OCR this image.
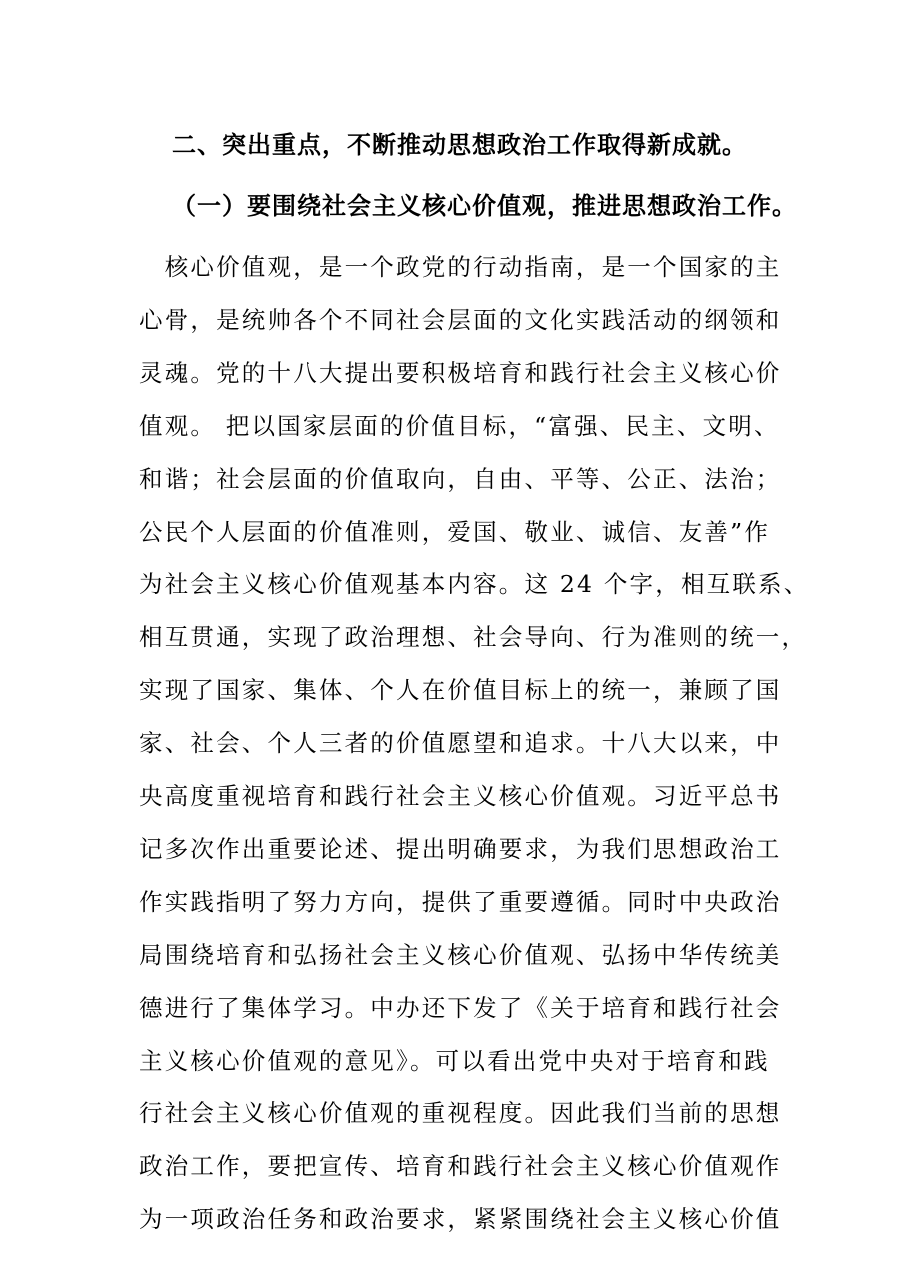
二、突出重点，不断推动思想政治工作取得新成就。
（一）要围绕社会主义核心价值观，推进思想政治工作。
　核心价值观，是一个政党的行动指南，是一个国家的主
心骨，是统帅各个不同社会层面的文化实践活动的纲领和
灵魂。党的十八大提出要积极培育和践行社会主义核心价
值观。 把以国家层面的价值目标，“富强、民主、文明、
和谐；社会层面的价值取向，自由、平等、公正、法治；
公民个人层面的价值准则，爱国、敬业、诚信、友善”作
为社会主义核心价值观基本内容。这 24 个字，相互联系、
相互贯通，实现了政治理想、社会导向、行为准则的统一，
实现了国家、集体、个人在价值目标上的统一，兼顾了国
家、社会、个人三者的价值愿望和追求。十八大以来，中
央高度重视培育和践行社会主义核心价值观。习近平总书
记多次作出重要论述、提出明确要求，为我们思想政治工
作实践指明了努力方向，提供了重要遵循。同时中央政治
局围绕培育和弘扬社会主义核心价值观、弘扬中华传统美
德进行了集体学习。中办还下发了《关于培育和践行社会
主义核心价值观的意见》。可以看出党中央对于培育和践
行社会主义核心价值观的重视程度。因此我们当前的思想
政治工作，要把宣传、培育和践行社会主义核心价值观作
为一项政治任务和政治要求，紧紧围绕社会主义核心价值
